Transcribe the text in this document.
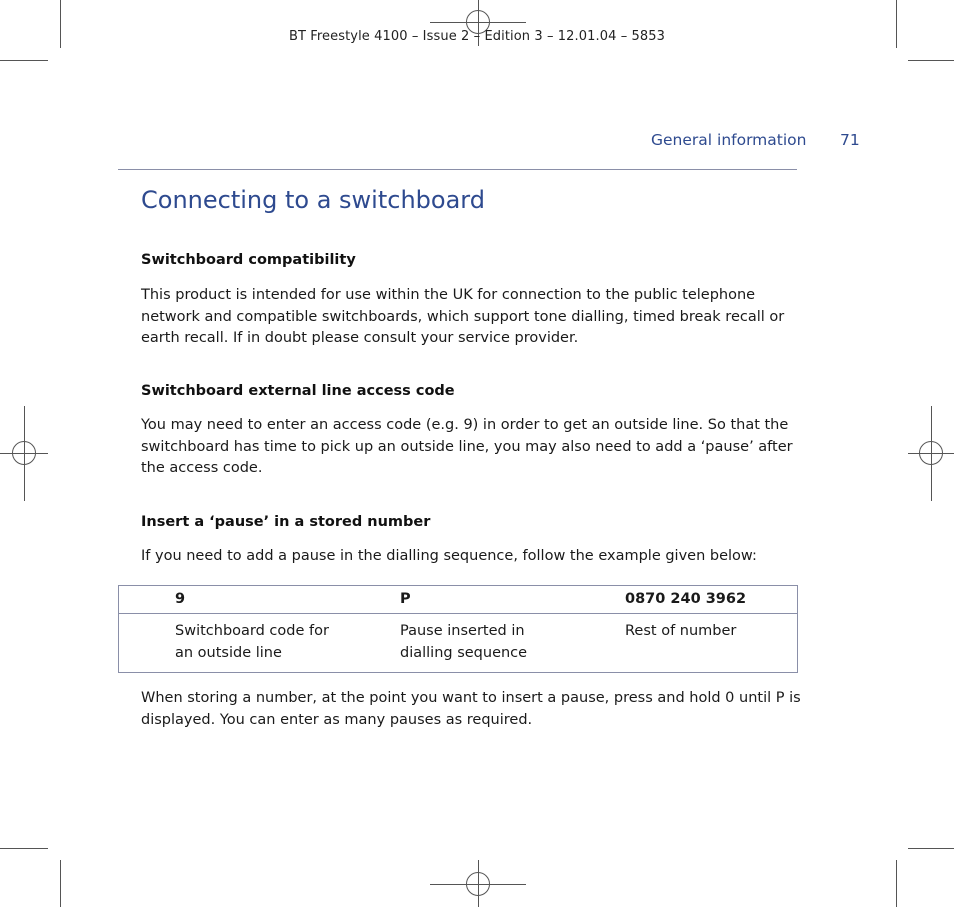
BT Freestyle 4100 – Issue 2 – Edition 3 – 12.01.04 – 5853
General information 71
Connecting to a switchboard
Switchboard compatibility
This product is intended for use within the UK for connection to the public telephone network and compatible switchboards, which support tone dialling, timed break recall or earth recall. If in doubt please consult your service provider.
Switchboard external line access code
You may need to enter an access code (e.g. 9) in order to get an outside line. So that the switchboard has time to pick up an outside line, you may also need to add a ‘pause’ after the access code.
Insert a ‘pause’ in a stored number
If you need to add a pause in the dialling sequence, follow the example given below:
9	P	0870 240 3962
Switchboard code for an outside line
Pause inserted in dialling sequence
Rest of number
When storing a number, at the point you want to insert a pause, press and hold 0 until P is displayed. You can enter as many pauses as required.
